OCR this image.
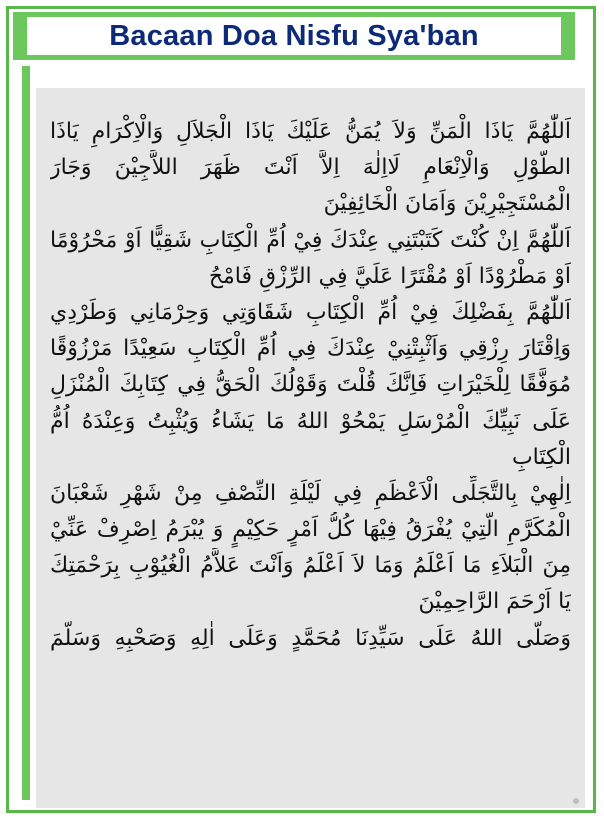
Bacaan Doa Nisfu Sya'ban
اَللّٰهُمَّ يَاذَا الْمَنِّ وَلاَ يُمَنُّ عَلَيْكَ يَاذَا الْجَلاَلِ وَالْاِكْرَامِ يَاذَا
الطَّوْلِ وَالْاِنْعَامِ لَااِلٰهَ اِلاَّ اَنْتَ ظَهَرَ اللاَّجِيْنَ وَجَارَ
الْمُسْتَجِيْرِيْنَ وَاَمَانَ الْخَائِفِيْنَ
اَللّٰهُمَّ اِنْ كُنْتَ كَتَبْتَنِي عِنْدَكَ فِيْ اُمِّ الْكِتَابِ شَقِيًّا اَوْ مَحْرُوْمًا
اَوْ مَطْرُوْدًا اَوْ مُقْتَرًا عَلَيَّ فِي الرِّزْقِ فَامْحُ
اَللّٰهُمَّ بِفَضْلِكَ فِيْ اُمِّ الْكِتَابِ شَقَاوَتِي وَحِرْمَانِي وَطَرْدِي
وَاِقْتَارَ رِزْقِي وَاَثْبِتْنِيْ عِنْدَكَ فِي اُمِّ الْكِتَابِ سَعِيْدًا مَرْزُوْقًا
مُوَفَّقًا لِلْخَيْرَاتِ فَاِنَّكَ قُلْتَ وَقَوْلُكَ الْحَقُّ فِي كِتَابِكَ الْمُنْزَلِ
عَلَى نَبِيِّكَ الْمُرْسَلِ يَمْحُوْ اللهُ مَا يَشَاءُ وَيُثْبِتُ وَعِنْدَهُ اُمُّ
الْكِتَابِ
اِلٰهِيْ بِالتَّجَلِّى الْاَعْظَمِ فِي لَيْلَةِ النِّصْفِ مِنْ شَهْرِ شَعْبَانَ
الْمُكَرَّمِ الَّتِيْ يُفْرَقُ فِيْهَا كُلُّ اَمْرٍ حَكِيْمٍ وَ يُبْرَمُ اِصْرِفْ عَنِّيْ
مِنَ الْبَلاَءِ مَا اَعْلَمُ وَمَا لاَ اَعْلَمُ وَاَنْتَ عَلاَّمُ الْغُيُوْبِ بِرَحْمَتِكَ
يَا اَرْحَمَ الرَّاحِمِيْنَ
وَصَلَّى اللهُ عَلَى سَيِّدِنَا مُحَمَّدٍ وَعَلَى اٰلِهِ وَصَحْبِهِ وَسَلَّمَ
